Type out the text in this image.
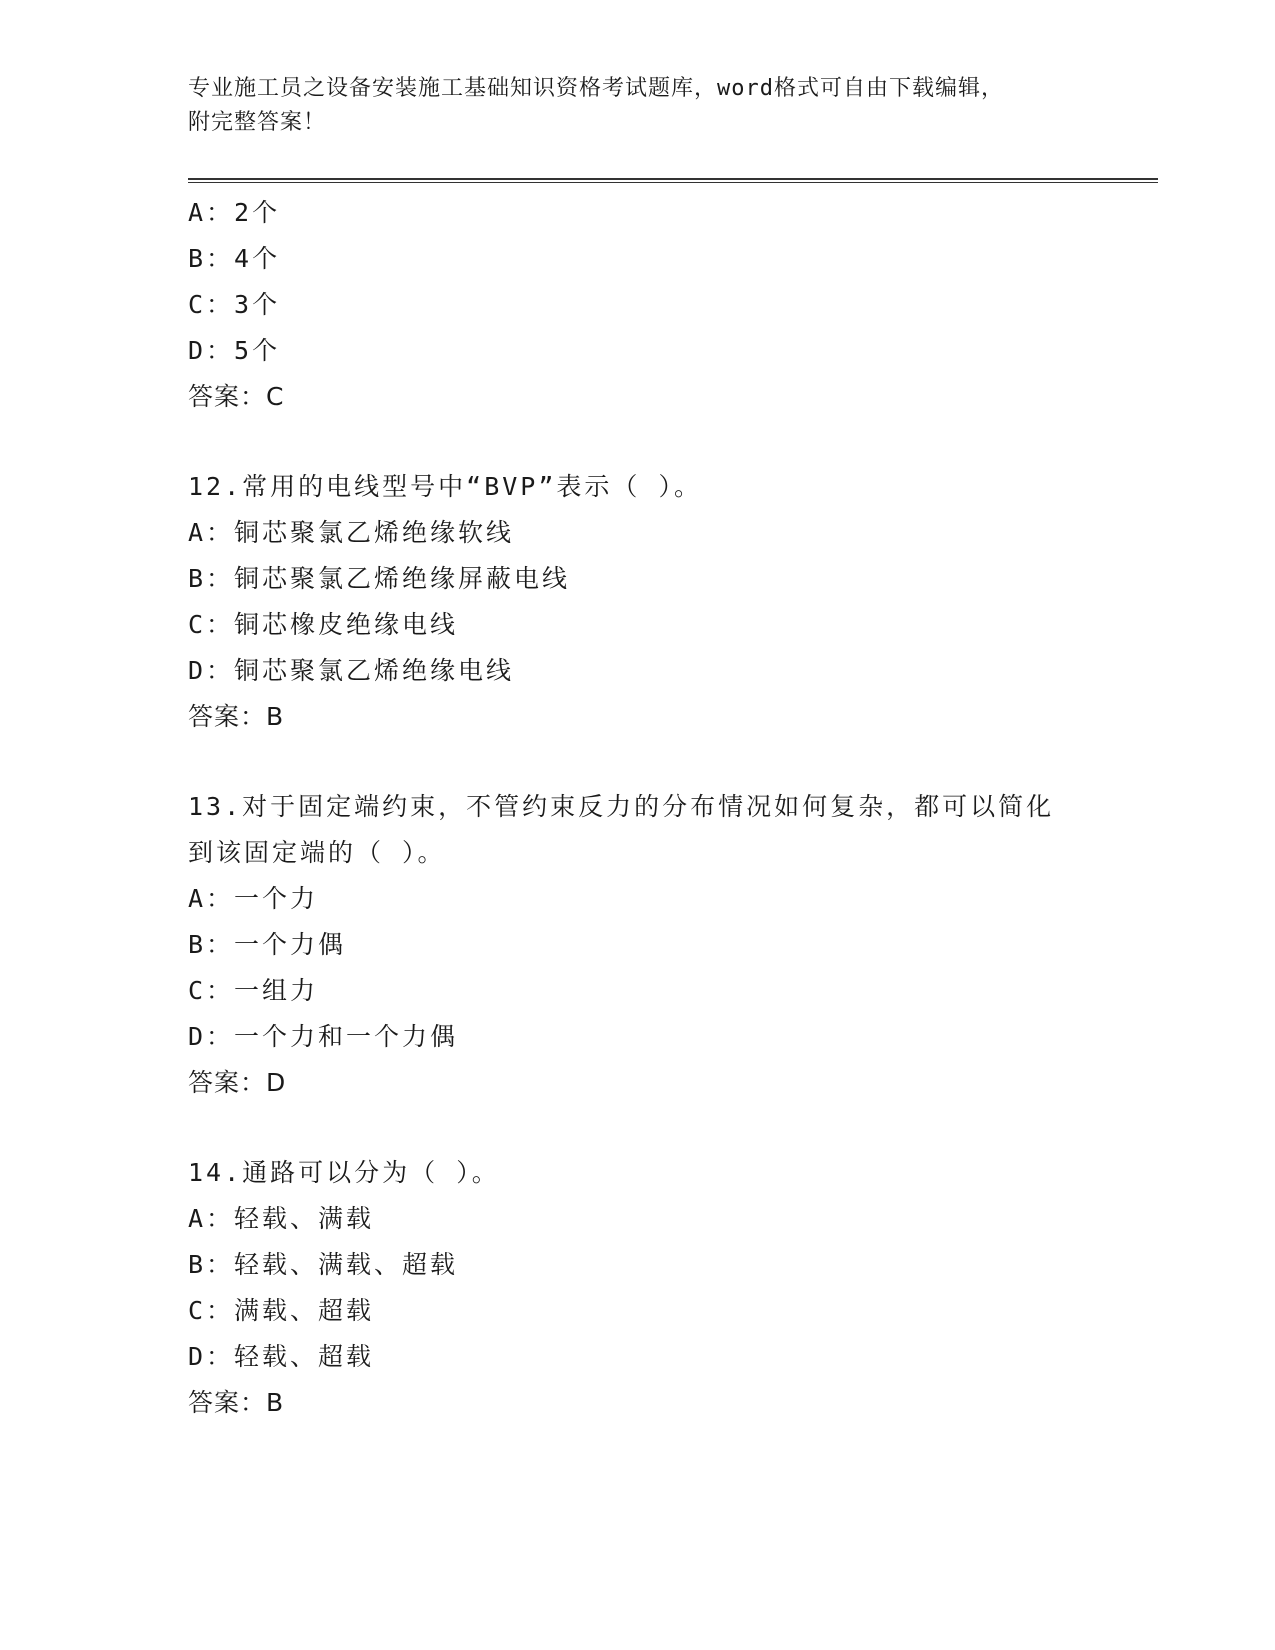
专业施工员之设备安装施工基础知识资格考试题库，word格式可自由下载编辑，
附完整答案！
A：2个
B：4个
C：3个
D：5个
答案：C
12.常用的电线型号中“BVP”表示（ ）。
A：铜芯聚氯乙烯绝缘软线
B：铜芯聚氯乙烯绝缘屏蔽电线
C：铜芯橡皮绝缘电线
D：铜芯聚氯乙烯绝缘电线
答案：B
13.对于固定端约束，不管约束反力的分布情况如何复杂，都可以简化
到该固定端的（ ）。
A：一个力
B：一个力偶
C：一组力
D：一个力和一个力偶
答案：D
14.通路可以分为（ ）。
A：轻载、满载
B：轻载、满载、超载
C：满载、超载
D：轻载、超载
答案：B
